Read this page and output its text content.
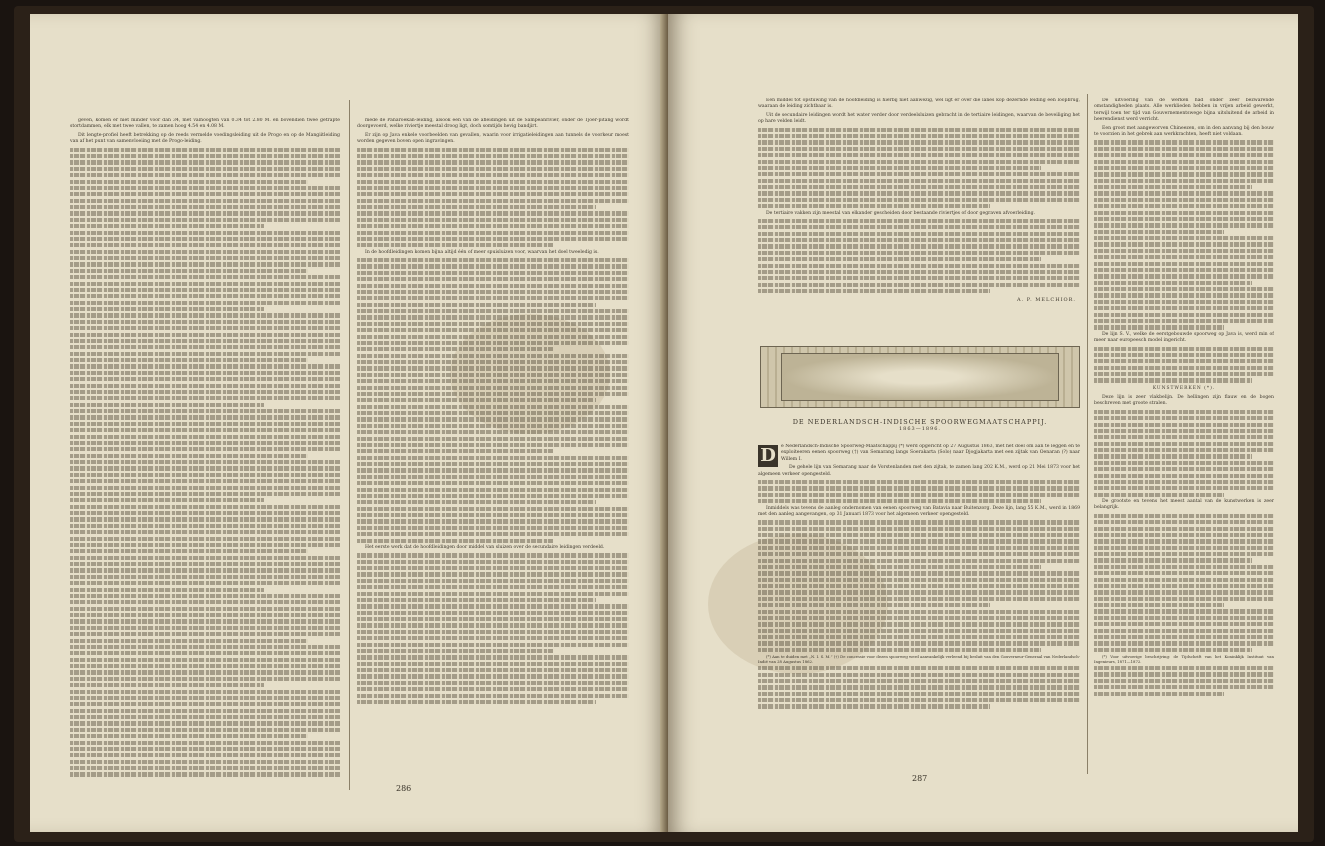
geven, komen er niet minder voor dan 34, met valhoogten van 0.34 tot 2.80 M. en bovendien twee getrapte stortdammen, elk met twee vallen, te zamen hoog 4.54 en 4.08 M.

Dit lengte-profiel heeft betrekking op de reeds vermelde voedingsleiding uit de Progo en op de Mangiitleiding van af het punt van samenvloeiing met de Progo-leiding.

mede de Panaroekan-leiding, alsook een van de afleidingen uit de Sampeanrivier, onder de Tjoer-pitang wordt doorgevoerd, welke riviertje meestal droog ligt, doch somtijds hevig bandjirt.

Er zijn op Java enkele voorbeelden van gevallen, waarin voor irrigatieleidingen aan tunnels de voorkeur moest worden gegeven boven open ingravingen.

In de hoofdleidingen komen bijna altijd één of meer spuisluizen voor, waarvan het doel tweeledig is.

Het eerste werk dat de hoofdleidingen door middel van sluizen over de secundaire leidingen verdeeld.

286

Een middel tot opstuwing van de hoofdleiding is hierbij niet aanwezig, wel ligt er over die lanes kop dezernde leiding een loopbrug, waaraan de leiding zichtbaar is.

Uit de secundaire leidingen wordt het water verder door verdeelsluizen gebracht in de tertiaire leidingen, waarvan de beveiliging het op hare velden leidt.

De tertiaire vakken zijn meestal van elkander gescheiden door bestaande riviertjes of door gegraven afvoerleiding.

A. P. MELCHIOR.
DE NEDERLANDSCH-INDISCHE SPOORWEGMAATSCHAPPIJ.
1863—1896.
D	e Nederlandsch-Indische Spoorweg-Maatschappij (*) werd opgericht op 27 Augustus 1863, met het doel om aan te leggen en te exploiteeren eenen spoorweg (†) van Semarang langs Soerakarta (Solo) naar Djogjakarta met een zijtak van Oenaran (?) naar Willem I.

De gehele lijn van Semarang naar de Vorstenlanden met den zijtak, te zamen lang 202 K.M., werd op 21 Mei 1873 voor het algemeen verkeer opengesteld.

Inmiddels was tevens de aanleg ondernomen van eenen spoorweg van Batavia naar Buitenzorg. Deze lijn, lang 55 K.M., werd in 1869 met den aanleg aangevangen, op 31 Januari 1873 voor het algemeen verkeer opengesteld.

(*) Aan te duiden met „N. I. S. M.” (†) De concessie voor dezen spoorweg werd aanvankelijk verleend bij besluit van den Gouverneur-Generaal van Nederlandsch-Indië van 28 Augustus 1862.

De uitvoering van de werken had onder zeer bezwarende omstandigheden plaats. Alle werklieden hebben in vrijen arbeid gewerkt, terwijl toen ter tijd van Gouvernementswege bijna uitsluitend de arbeid in heerendienst werd verricht.

Een groot met aangeworven Chineezen, om in den aanvang bij den bouw te voorzien in het gebrek aan werkkrachten, heeft niet voldaan.

De lijn S. V., welke de eerstgebouwde spoorweg op Java is, werd min of meer naar europeesch model ingericht.

KUNSTWERKEN (*).

Deze lijn is zeer vlakbelijn. De hellingen zijn flauw en de bogen beschreven met groote stralen.

De grootste en tevens het meest aantal van de kunstwerken is zeer belangrijk.

(*) Voor uitvoerige beschrijving: de Tijdschrift van het Koninklijk Instituut van Ingenieurs, 1871—1872.

287
